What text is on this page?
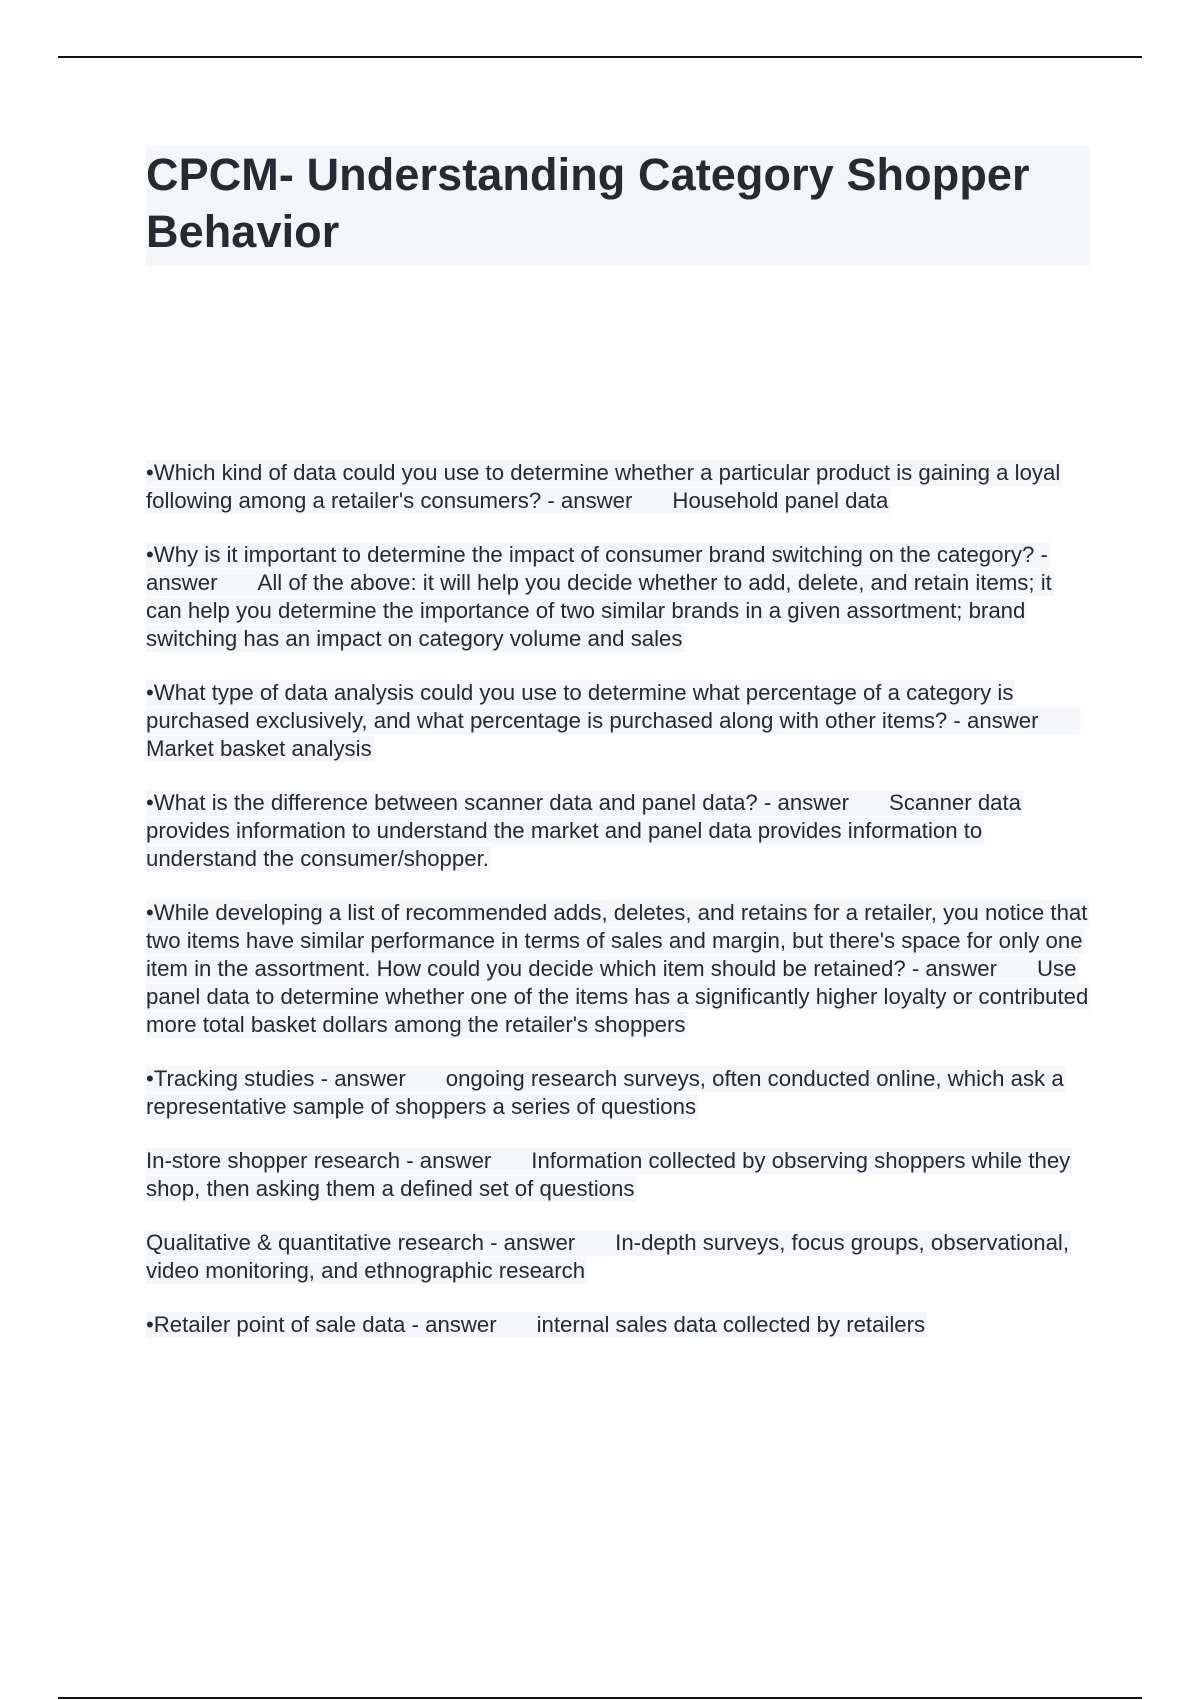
CPCM- Understanding Category Shopper Behavior

•Which kind of data could you use to determine whether a particular product is gaining a loyal following among a retailer's consumers? - answer Household panel data

•Why is it important to determine the impact of consumer brand switching on the category? - answer All of the above: it will help you decide whether to add, delete, and retain items; it can help you determine the importance of two similar brands in a given assortment; brand switching has an impact on category volume and sales

•What type of data analysis could you use to determine what percentage of a category is purchased exclusively, and what percentage is purchased along with other items? - answerMarket basket analysis

•What is the difference between scanner data and panel data? - answer Scanner data provides information to understand the market and panel data provides information to understand the consumer/shopper.

•While developing a list of recommended adds, deletes, and retains for a retailer, you notice that two items have similar performance in terms of sales and margin, but there's space for only one item in the assortment. How could you decide which item should be retained? - answer Use panel data to determine whether one of the items has a significantly higher loyalty or contributed more total basket dollars among the retailer's shoppers

•Tracking studies - answer ongoing research surveys, often conducted online, which ask a representative sample of shoppers a series of questions

In-store shopper research - answer Information collected by observing shoppers while they shop, then asking them a defined set of questions

Qualitative & quantitative research - answer In-depth surveys, focus groups, observational, video monitoring, and ethnographic research

•Retailer point of sale data - answer internal sales data collected by retailers
